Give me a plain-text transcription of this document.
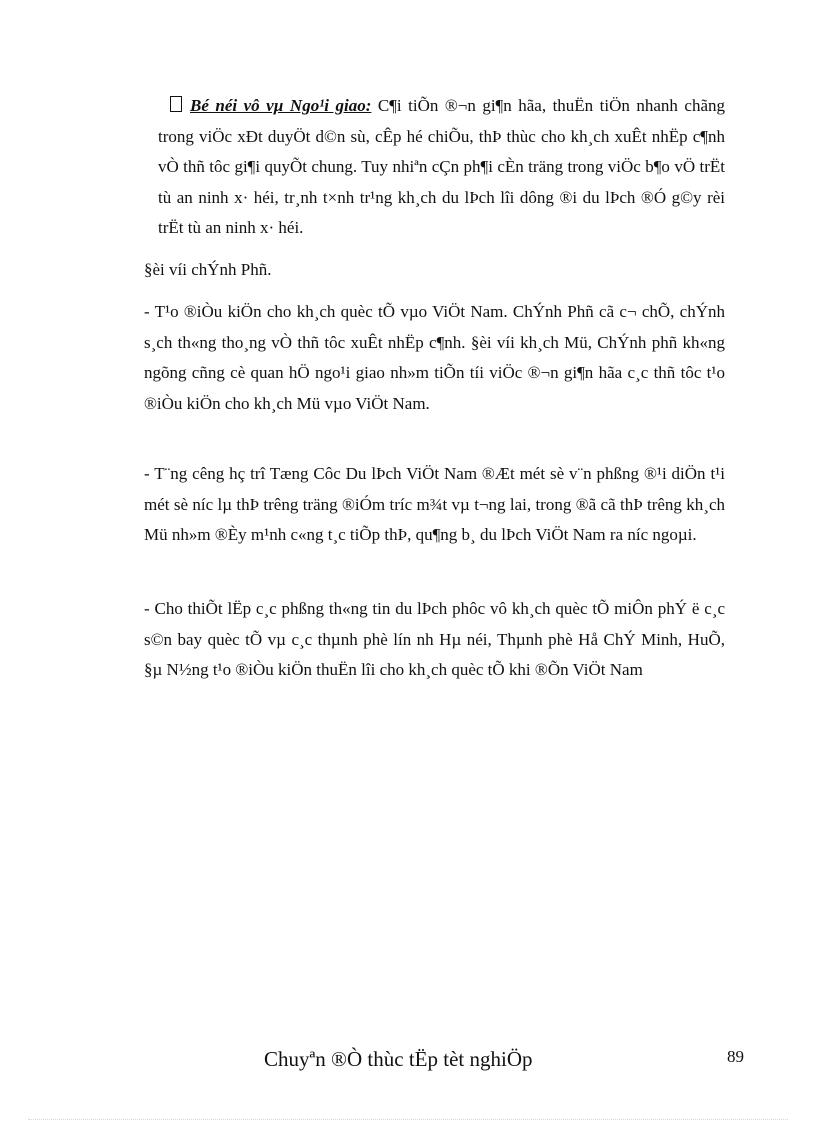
Bé néi vô vµ Ngo¹i giao: C¶i tiÕn ®¬n gi¶n hãa, thuËn tiÖn nhanh chãng trong viÖc xÐt duyÖt d©n sù, cÊp hé chiÕu, thÞ thùc cho kh¸ch xuÊt nhËp c¶nh vÒ thñ tôc gi¶i quyÕt chung. Tuy nhiªn cÇn ph¶i cÈn träng trong viÖc b¶o vÖ trËt tù an ninh x· héi, tr¸nh t×nh tr¹ng kh¸ch du lÞch lîi dông ®i du lÞch ®Ó g©y rèi trËt tù an ninh x· héi.

§èi víi chÝnh Phñ.

- T¹o ®iÒu kiÖn cho kh¸ch quèc tÕ vµo ViÖt Nam. ChÝnh Phñ cã c¬ chÕ, chÝnh s¸ch th«ng tho¸ng vÒ thñ tôc xuÊt nhËp c¶nh. §èi víi kh¸ch Mü, ChÝnh phñ kh«ng ngõng cñng cè quan hÖ ngo¹i giao nh»m tiÕn tíi viÖc ®¬n gi¶n hãa c¸c thñ tôc t¹o ®iÒu kiÖn cho kh¸ch Mü vµo ViÖt Nam.

- T¨ng cêng hç trî Tæng Côc Du lÞch ViÖt Nam ®Æt mét sè v¨n phßng ®¹i diÖn t¹i mét sè níc lµ thÞ trêng träng ®iÓm tríc m¾t vµ t¬ng lai, trong ®ã cã thÞ trêng kh¸ch Mü nh»m ®Èy m¹nh c«ng t¸c tiÕp thÞ, qu¶ng b¸ du lÞch ViÖt Nam ra níc ngoµi.

- Cho thiÕt lËp c¸c phßng th«ng tin du lÞch phôc vô kh¸ch quèc tÕ miÔn phÝ ë c¸c s©n bay quèc tÕ vµ c¸c thµnh phè lín nh Hµ néi, Thµnh phè Hå ChÝ Minh, HuÕ, §µ N½ng t¹o ®iÒu kiÖn thuËn lîi cho kh¸ch quèc tÕ khi ®Õn ViÖt Nam

Chuyªn ®Ò thùc tËp tèt nghiÖp	89
